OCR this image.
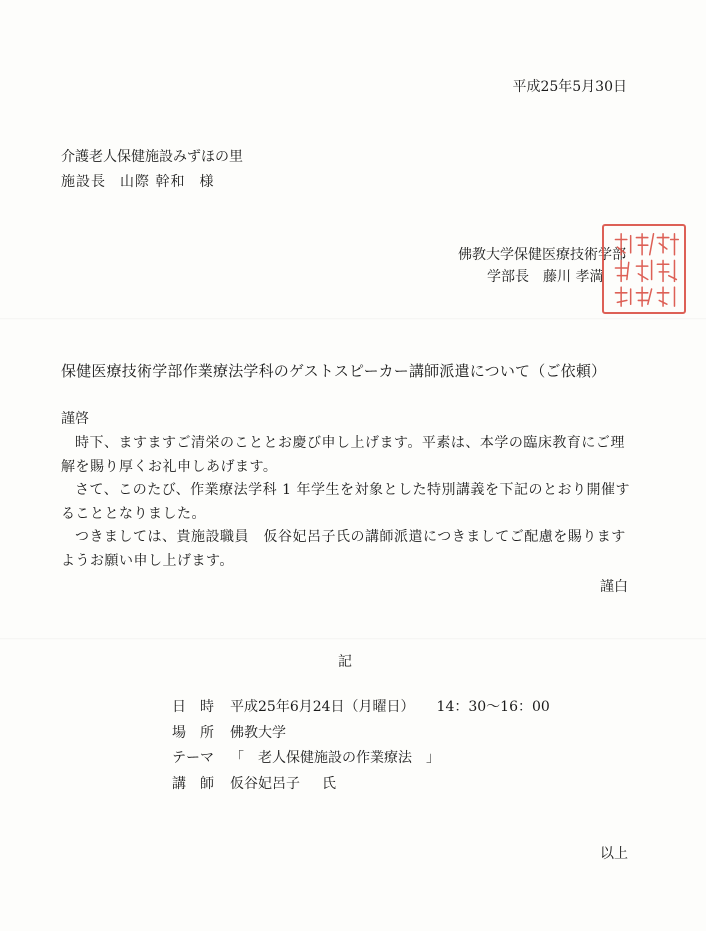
平成25年5月30日
介護老人保健施設みずほの里
施設長 山際 幹和 様
佛教大学保健医療技術学部
学部長 藤川 孝満
保健医療技術学部作業療法学科のゲストスピーカー講師派遣について（ご依頼）
謹啓

時下、ますますご清栄のこととお慶び申し上げます。平素は、本学の臨床教育にご理解を賜り厚くお礼申しあげます。

さて、このたび、作業療法学科 1 年学生を対象とした特別講義を下記のとおり開催することとなりました。

つきましては、貴施設職員　仮谷妃呂子氏の講師派遣につきましてご配慮を賜りますようお願い申し上げます。

謹白
記
日　時	平成25年6月24日（月曜日） 14：30〜16：00
場　所	佛教大学
テーマ	「　老人保健施設の作業療法　」
講　師	仮谷妃呂子 氏
以上
